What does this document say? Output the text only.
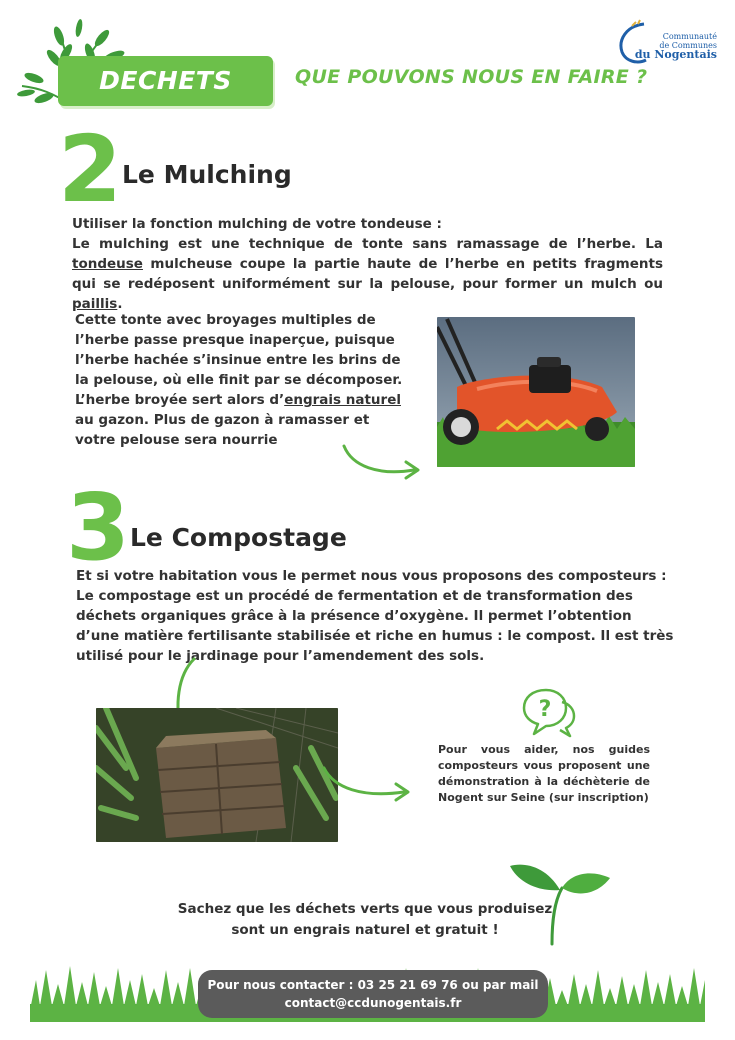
DECHETS VERTS
QUE POUVONS NOUS EN FAIRE ?
Communauté
de Communes
du Nogentais
2 Le Mulching
Utiliser la fonction mulching de votre tondeuse :
Le mulching est une technique de tonte sans ramassage de l’herbe. La tondeuse mulcheuse coupe la partie haute de l’herbe en petits fragments qui se redéposent uniformément sur la pelouse, pour former un mulch ou paillis.
Cette tonte avec broyages multiples de l’herbe passe presque inaperçue, puisque l’herbe hachée s’insinue entre les brins de la pelouse, où elle finit par se décomposer. L’herbe broyée sert alors d’engrais naturel au gazon. Plus de gazon à ramasser et votre pelouse sera nourrie
3 Le Compostage
Et si votre habitation vous le permet nous vous proposons des composteurs :
Le compostage est un procédé de fermentation et de transformation des déchets organiques grâce à la présence d’oxygène. Il permet l’obtention d’une matière fertilisante stabilisée et riche en humus : le compost. Il est très utilisé pour le jardinage pour l’amendement des sols.
?
Pour vous aider, nos guides composteurs vous proposent une démonstration à la déchèterie de Nogent sur Seine (sur inscription)
Sachez que les déchets verts que vous produisez
sont un engrais naturel et gratuit !
Pour nous contacter : 03 25 21 69 76 ou par mail
contact@ccdunogentais.fr
